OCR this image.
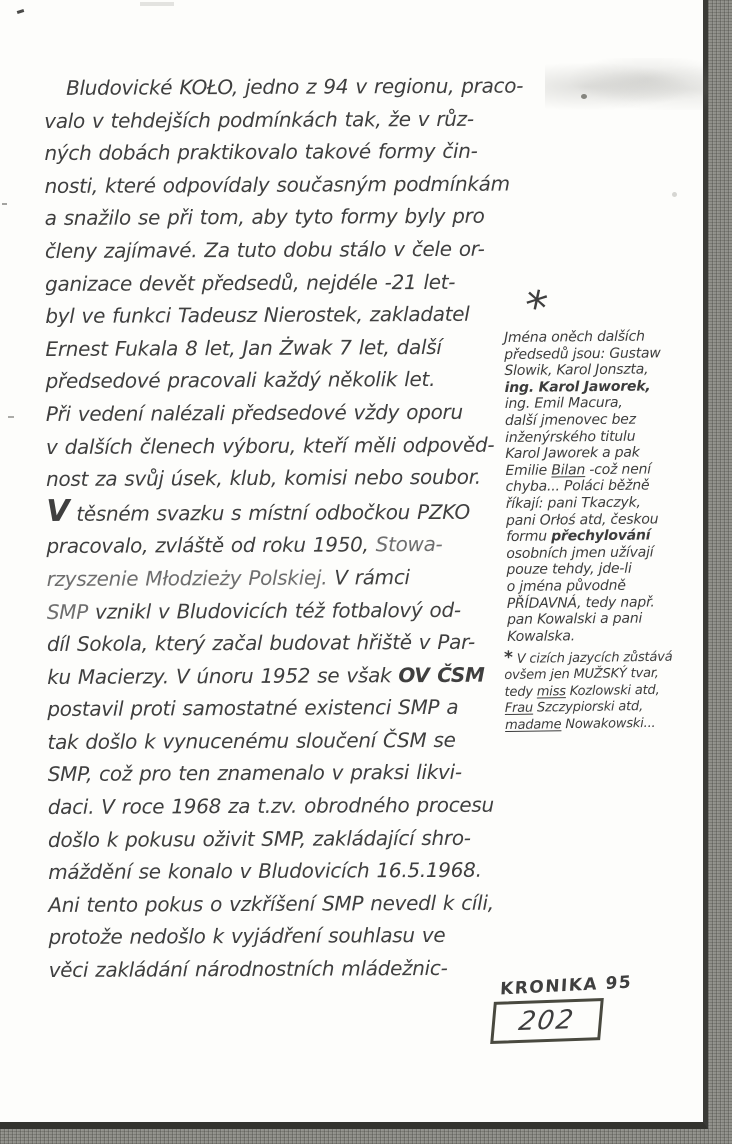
Bludovické KOŁO, jedno z 94 v regionu, praco-
valo v tehdejších podmínkách tak, že v růz-
ných dobách praktikovalo takové formy čin-
nosti, které odpovídaly současným podmínkám
a snažilo se při tom, aby tyto formy byly pro
členy zajímavé. Za tuto dobu stálo v čele or-
ganizace devět předsedů, nejdéle -21 let-
byl ve funkci Tadeusz Nierostek, zakladatel
Ernest Fukala 8 let, Jan Żwak 7 let, další
předsedové pracovali každý několik let.
Při vedení nalézali předsedové vždy oporu
v dalších členech výboru, kteří měli odpověd-
nost za svůj úsek, klub, komisi nebo soubor.
V těsném svazku s místní odbočkou PZKO
pracovalo, zvláště od roku 1950, Stowa-
rzyszenie Młodzieży Polskiej. V rámci
SMP vznikl v Bludovicích též fotbalový od-
díl Sokola, který začal budovat hřiště v Par-
ku Macierzy. V únoru 1952 se však OV ČSM
postavil proti samostatné existenci SMP a
tak došlo k vynucenému sloučení ČSM se
SMP, což pro ten znamenalo v praksi likvi-
daci. V roce 1968 za t.zv. obrodného procesu
došlo k pokusu oživit SMP, zakládající shro-
máždění se konalo v Bludovicích 16.5.1968.
Ani tento pokus o vzkříšení SMP nevedl k cíli,
protože nedošlo k vyjádření souhlasu ve
věci zakládání národnostních mládežnic-
*
Jména oněch dalších
předsedů jsou: Gustaw
Slowik, Karol Jonszta,
ing. Karol Jaworek,
ing. Emil Macura,
další jmenovec bez
inženýrského titulu
Karol Jaworek a pak
Emilie Bilan -což není
chyba... Poláci běžně
říkají: pani Tkaczyk,
pani Orłoś atd, českou
formu přechylování
osobních jmen užívají
pouze tehdy, jde-li
o jména původně
PŘÍDAVNÁ, tedy např.
pan Kowalski a pani
Kowalska.
* V cizích jazycích zůstává
ovšem jen MUŽSKÝ tvar,
tedy miss Kozlowski atd,
Frau Szczypiorski atd,
madame Nowakowski...
KRONIKA 95
202
